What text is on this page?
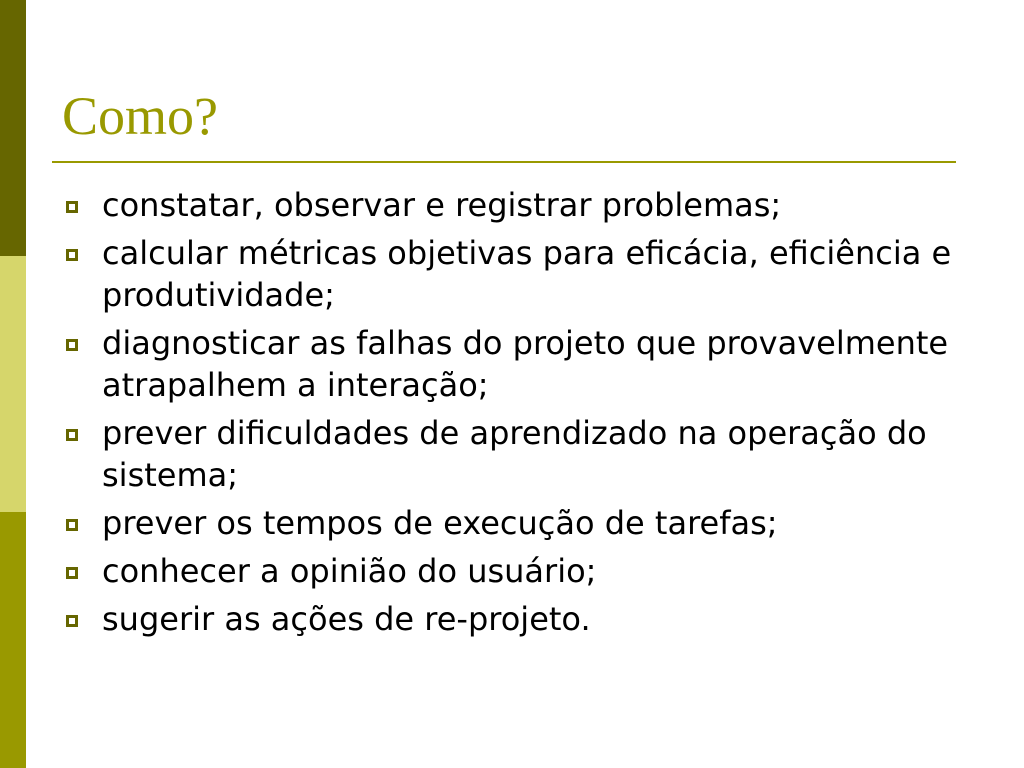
Como?
constatar, observar e registrar problemas;
calcular métricas objetivas para eficácia, eficiência e produtividade;
diagnosticar as falhas do projeto que provavelmente atrapalhem a interação;
prever dificuldades de aprendizado na operação do sistema;
prever os tempos de execução de tarefas;
conhecer a opinião do usuário;
sugerir as ações de re-projeto.
